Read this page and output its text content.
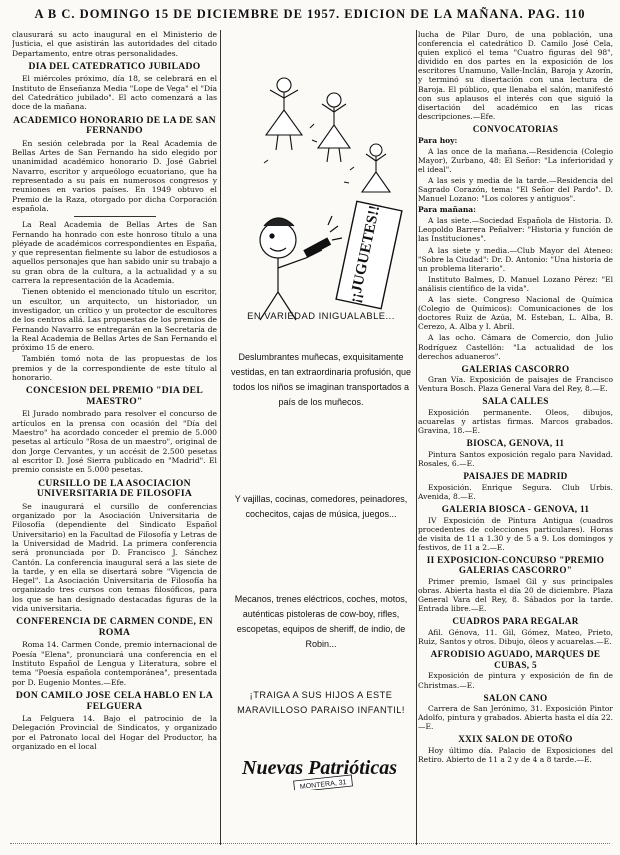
A B C. DOMINGO 15 DE DICIEMBRE DE 1957. EDICION DE LA MAÑANA. PAG. 110

clausurará su acto inaugural en el Ministerio de Justicia, el que asistirán las autoridades del citado Departamento, entre otras personalidades.

DIA DEL CATEDRATICO JUBILADO

El miércoles próximo, día 18, se celebrará en el Instituto de Enseñanza Media "Lope de Vega" el "Día del Catedrático jubilado". El acto comenzará a las doce de la mañana.

ACADEMICO HONORARIO DE LA DE SAN FERNANDO

En sesión celebrada por la Real Academia de Bellas Artes de San Fernando ha sido elegido por unanimidad académico honorario D. José Gabriel Navarro, escritor y arqueólogo ecuatoriano, que ha representado a su país en numerosos congresos y reuniones en varios países. En 1949 obtuvo el Premio de la Raza, otorgado por dicha Corporación española.

La Real Academia de Bellas Artes de San Fernando ha honrado con este honroso título a una pléyade de académicos correspondientes en España, y que representan fielmente su labor de estudiosos a aquellos personajes que han sabido unir su trabajo a su gran obra de la cultura, a la actualidad y a su carrera la representación de la Academia.

Tienen obtenido el mencionado título un escritor, un escultor, un arquitecto, un historiador, un investigador, un crítico y un protector de escultores de los centros allá. Las propuestas de los premios de Fernando Navarro se entregarán en la Secretaría de la Real Academia de Bellas Artes de San Fernando el próximo 15 de enero.

También tomó nota de las propuestas de los premios y de la correspondiente de este título al honorario.

CONCESION DEL PREMIO "DIA DEL MAESTRO"

El Jurado nombrado para resolver el concurso de artículos en la prensa con ocasión del "Día del Maestro" ha acordado conceder el premio de 5.000 pesetas al artículo "Rosa de un maestro", original de don Jorge Cervantes, y un accésit de 2.500 pesetas al escritor D. José Sierra publicado en "Madrid". El premio consiste en 5.000 pesetas.

CURSILLO DE LA ASOCIACION UNIVERSITARIA DE FILOSOFIA

Se inaugurará el cursillo de conferencias organizado por la Asociación Universitaria de Filosofía (dependiente del Sindicato Español Universitario) en la Facultad de Filosofía y Letras de la Universidad de Madrid. La primera conferencia será pronunciada por D. Francisco J. Sánchez Cantón. La conferencia inaugural será a las siete de la tarde, y en ella se disertará sobre "Vigencia de Hegel". La Asociación Universitaria de Filosofía ha organizado tres cursos con temas filosóficos, para los que se han designado destacadas figuras de la vida universitaria.

CONFERENCIA DE CARMEN CONDE, EN ROMA

Roma 14. Carmen Conde, premio internacional de Poesía "Elena", pronunciará una conferencia en el Instituto Español de Lengua y Literatura, sobre el tema "Poesía española contemporánea", presentada por D. Eugenio Montes.—Efe.

DON CAMILO JOSE CELA HABLO EN LA FELGUERA

La Felguera 14. Bajo el patrocinio de la Delegación Provincial de Sindicatos, y organizado por el Patronato local del Hogar del Productor, ha organizado en el local

¡¡JUGUETES!!
EN VARIEDAD INIGUALABLE...
Deslumbrantes muñecas, exquisitamente vestidas, en tan extraordinaria profusión, que todos los niños se imaginan transportados a país de los muñecos.
Y vajillas, cocinas, comedores, peinadores, cochecitos, cajas de música, juegos...
Mecanos, trenes eléctricos, coches, motos, auténticas pistoleras de cow-boy, rifles, escopetas, equipos de sheriff, de indio, de Robin...
¡TRAIGA A SUS HIJOS A ESTE MARAVILLOSO PARAISO INFANTIL!
Nuevas Patrióticas
MONTERA, 31

lucha de Pilar Duro, de una población, una conferencia el catedrático D. Camilo José Cela, quien explicó el tema "Cuatro figuras del 98", dividido en dos partes en la exposición de los escritores Unamuno, Valle-Inclán, Baroja y Azorín, y terminó su disertación con una lectura de Baroja. El público, que llenaba el salón, manifestó con sus aplausos el interés con que siguió la disertación del académico en las ricas descripciones.—Efe.

CONVOCATORIAS

Para hoy:

A las once de la mañana.—Residencia (Colegio Mayor), Zurbano, 48: El Señor: "La inferioridad y el ideal".

A las seis y media de la tarde.—Residencia del Sagrado Corazón, tema: "El Señor del Pardo". D. Manuel Lozano: "Los colores y antiguos".

Para mañana:

A las siete.—Sociedad Española de Historia. D. Leopoldo Barrera Peñalver: "Historia y función de las Instituciones".

A las siete y media.—Club Mayor del Ateneo: "Sobre la Ciudad": Dr. D. Antonio: "Una historia de un problema literario".

Instituto Balmes, D. Manuel Lozano Pérez: "El análisis científico de la vida".

A las siete. Congreso Nacional de Química (Colegio de Químicos): Comunicaciones de los doctores Ruiz de Azúa, M. Esteban, L. Alba, B. Cerezo, A. Alba y I. Abril.

A las ocho. Cámara de Comercio, don Julio Rodríguez Castellón: "La actualidad de los derechos aduaneros".

GALERIAS CASCORRO

Gran Vía. Exposición de paisajes de Francisco Ventura Bosch. Plaza General Vara del Rey, 8.—E.

SALA CALLES

Exposición permanente. Oleos, dibujos, acuarelas y artistas firmas. Marcos grabados. Gravina, 18.—E.

BIOSCA, GENOVA, 11

Pintura Santos exposición regalo para Navidad. Rosales, 6.—E.

PAISAJES DE MADRID

Exposición. Enrique Segura. Club Urbis. Avenida, 8.—E.

GALERIA BIOSCA - GENOVA, 11

IV Exposición de Pintura Antigua (cuadros procedentes de colecciones particulares). Horas de visita de 11 a 1.30 y de 5 a 9. Los domingos y festivos, de 11 a 2.—E.

II EXPOSICION-CONCURSO "PREMIO GALERIAS CASCORRO"

Primer premio, Ismael Gil y sus principales obras. Abierta hasta el día 20 de diciembre. Plaza General Vara del Rey, 8. Sábados por la tarde. Entrada libre.—E.

CUADROS PARA REGALAR

Afil. Génova, 11. Gil, Gómez, Mateo, Prieto, Ruiz, Santos y otros. Dibujo, óleos y acuarelas.—E.

AFRODISIO AGUADO, MARQUES DE CUBAS, 5

Exposición de pintura y exposición de fin de Christmas.—E.

SALON CANO

Carrera de San Jerónimo, 31. Exposición Pintor Adolfo, pintura y grabados. Abierta hasta el día 22.—E.

XXIX SALON DE OTOÑO

Hoy último día. Palacio de Exposiciones del Retiro. Abierto de 11 a 2 y de 4 a 8 tarde.—E.
